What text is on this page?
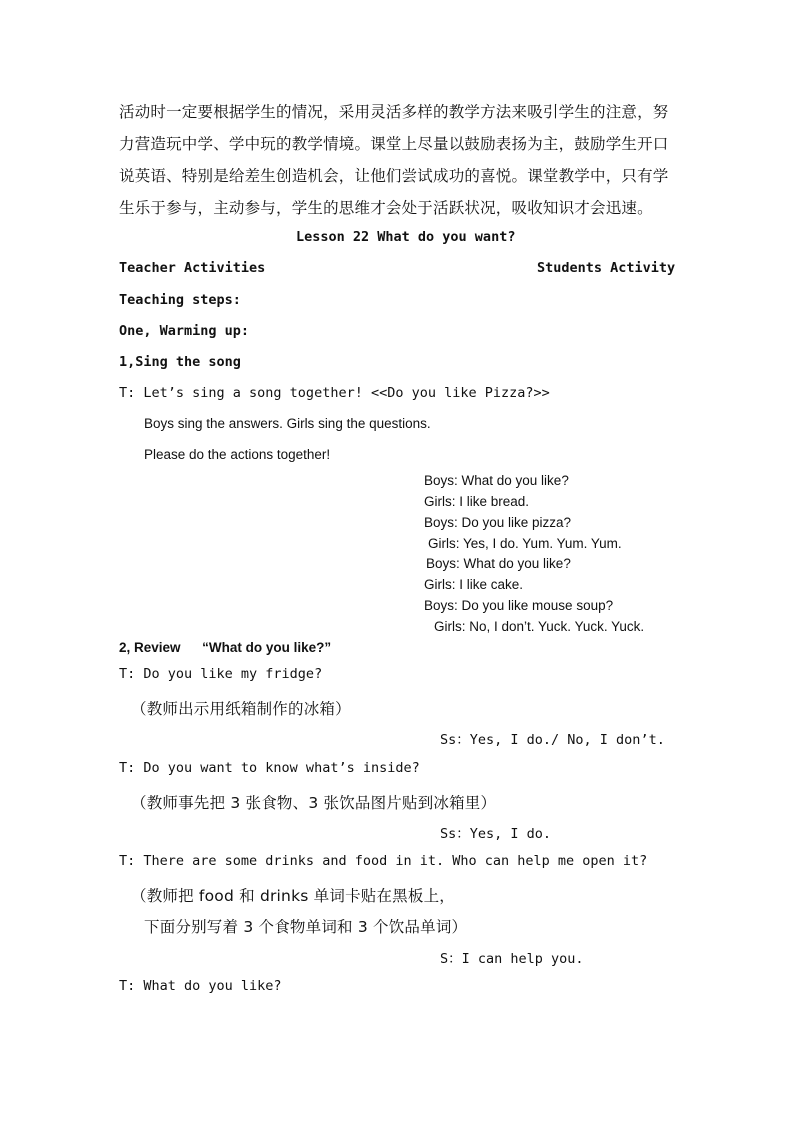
活动时一定要根据学生的情况，采用灵活多样的教学方法来吸引学生的注意，努
力营造玩中学、学中玩的教学情境。课堂上尽量以鼓励表扬为主，鼓励学生开口
说英语、特别是给差生创造机会，让他们尝试成功的喜悦。课堂教学中，只有学
生乐于参与，主动参与，学生的思维才会处于活跃状况，吸收知识才会迅速。
Lesson 22 What do you want?
Teacher Activities	Students Activity
Teaching steps:
One, Warming up:
1,Sing the song
T: Let’s sing a song together! <<Do you like Pizza?>>
Boys sing the answers. Girls sing the questions.
Please do the actions together!
Boys: What do you like?
Girls: I like bread.
Boys: Do you like pizza?
Girls: Yes, I do. Yum. Yum. Yum.
Boys: What do you like?
Girls: I like cake.
Boys: Do you like mouse soup?
Girls: No, I don’t. Yuck. Yuck. Yuck.
2, Review “What do you like?”
T: Do you like my fridge?
（教师出示用纸箱制作的冰箱）
Ss：Yes, I do./ No, I don’t.
T: Do you want to know what’s inside?
（教师事先把 3 张食物、3 张饮品图片贴到冰箱里）
Ss：Yes, I do.
T: There are some drinks and food in it. Who can help me open it?
（教师把 food 和 drinks 单词卡贴在黑板上，
下面分别写着 3 个食物单词和 3 个饮品单词）
S：I can help you.
T: What do you like?
